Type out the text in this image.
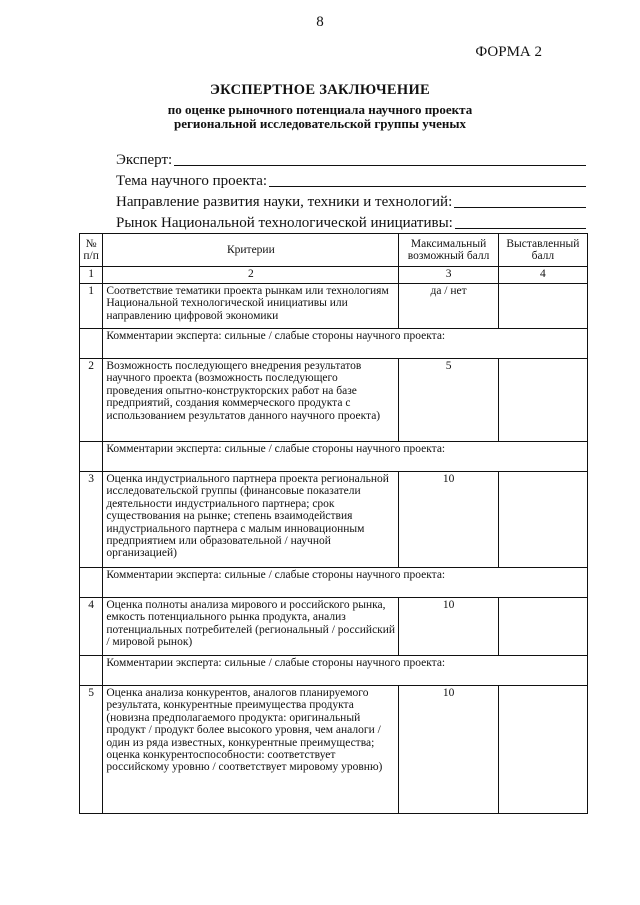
8
ФОРМА 2
ЭКСПЕРТНОЕ ЗАКЛЮЧЕНИЕ
по оценке рыночного потенциала научного проекта
региональной исследовательской группы ученых
Эксперт:
Тема научного проекта:
Направление развития науки, техники и технологий:
Рынок Национальной технологической инициативы:
№ п/п	Критерии	Максимальный возможный балл	Выставленный балл
1	2	3	4
1	Соответствие тематики проекта рынкам или технологиям Национальной технологической инициативы или направлению цифровой экономики	да / нет	
	Комментарии эксперта: сильные / слабые стороны научного проекта:		
2	Возможность последующего внедрения результатов научного проекта (возможность последующего проведения опытно-конструкторских работ на базе предприятий, создания коммерческого продукта с использованием результатов данного научного проекта)	5	
	Комментарии эксперта: сильные / слабые стороны научного проекта:		
3	Оценка индустриального партнера проекта региональной исследовательской группы (финансовые показатели деятельности индустриального партнера; срок существования на рынке; степень взаимодействия индустриального партнера с малым инновационным предприятием или образовательной / научной организацией)	10	
	Комментарии эксперта: сильные / слабые стороны научного проекта:		
4	Оценка полноты анализа мирового и российского рынка, емкость потенциального рынка продукта, анализ потенциальных потребителей (региональный / российский / мировой рынок)	10	
	Комментарии эксперта: сильные / слабые стороны научного проекта:		
5	Оценка анализа конкурентов, аналогов планируемого результата, конкурентные преимущества продукта (новизна предполагаемого продукта: оригинальный продукт / продукт более высокого уровня, чем аналоги / один из ряда известных, конкурентные преимущества; оценка конкурентоспособности: соответствует российскому уровню / соответствует мировому уровню)	10	
